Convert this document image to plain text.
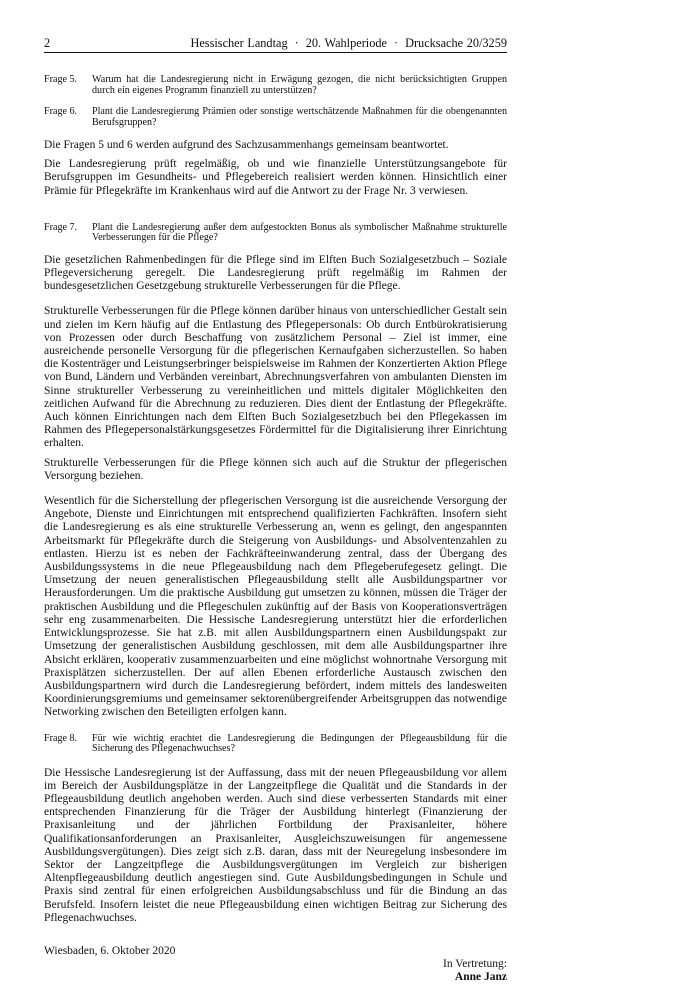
2	Hessischer Landtag · 20. Wahlperiode · Drucksache 20/3259
Frage 5.	Warum hat die Landesregierung nicht in Erwägung gezogen, die nicht berücksichtigten Gruppen durch ein eigenes Programm finanziell zu unterstützen?
Frage 6.	Plant die Landesregierung Prämien oder sonstige wertschätzende Maßnahmen für die obengenannten Berufsgruppen?

Die Fragen 5 und 6 werden aufgrund des Sachzusammenhangs gemeinsam beantwortet.

Die Landesregierung prüft regelmäßig, ob und wie finanzielle Unterstützungsangebote für Berufsgruppen im Gesundheits- und Pflegebereich realisiert werden können. Hinsichtlich einer Prämie für Pflegekräfte im Krankenhaus wird auf die Antwort zu der Frage Nr. 3 verwiesen.

Frage 7.	Plant die Landesregierung außer dem aufgestockten Bonus als symbolischer Maßnahme strukturelle Verbesserungen für die Pflege?

Die gesetzlichen Rahmenbedingen für die Pflege sind im Elften Buch Sozialgesetzbuch – Soziale Pflegeversicherung geregelt. Die Landesregierung prüft regelmäßig im Rahmen der bundesgesetzlichen Gesetzgebung strukturelle Verbesserungen für die Pflege.

Strukturelle Verbesserungen für die Pflege können darüber hinaus von unterschiedlicher Gestalt sein und zielen im Kern häufig auf die Entlastung des Pflegepersonals: Ob durch Entbürokratisierung von Prozessen oder durch Beschaffung von zusätzlichem Personal – Ziel ist immer, eine ausreichende personelle Versorgung für die pflegerischen Kernaufgaben sicherzustellen. So haben die Kostenträger und Leistungserbringer beispielsweise im Rahmen der Konzertierten Aktion Pflege von Bund, Ländern und Verbänden vereinbart, Abrechnungsverfahren von ambulanten Diensten im Sinne struktureller Verbesserung zu vereinheitlichen und mittels digitaler Möglichkeiten den zeitlichen Aufwand für die Abrechnung zu reduzieren. Dies dient der Entlastung der Pflegekräfte. Auch können Einrichtungen nach dem Elften Buch Sozialgesetzbuch bei den Pflegekassen im Rahmen des Pflegepersonalstärkungsgesetzes Fördermittel für die Digitalisierung ihrer Einrichtung erhalten.

Strukturelle Verbesserungen für die Pflege können sich auch auf die Struktur der pflegerischen Versorgung beziehen.

Wesentlich für die Sicherstellung der pflegerischen Versorgung ist die ausreichende Versorgung der Angebote, Dienste und Einrichtungen mit entsprechend qualifizierten Fachkräften. Insofern sieht die Landesregierung es als eine strukturelle Verbesserung an, wenn es gelingt, den angespannten Arbeitsmarkt für Pflegekräfte durch die Steigerung von Ausbildungs- und Absolventenzahlen zu entlasten. Hierzu ist es neben der Fachkräfteeinwanderung zentral, dass der Übergang des Ausbildungssystems in die neue Pflegeausbildung nach dem Pflegeberufegesetz gelingt. Die Umsetzung der neuen generalistischen Pflegeausbildung stellt alle Ausbildungspartner vor Herausforderungen. Um die praktische Ausbildung gut umsetzen zu können, müssen die Träger der praktischen Ausbildung und die Pflegeschulen zukünftig auf der Basis von Kooperationsverträgen sehr eng zusammenarbeiten. Die Hessische Landesregierung unterstützt hier die erforderlichen Entwicklungsprozesse. Sie hat z.B. mit allen Ausbildungspartnern einen Ausbildungspakt zur Umsetzung der generalistischen Ausbildung geschlossen, mit dem alle Ausbildungspartner ihre Absicht erklären, kooperativ zusammenzuarbeiten und eine möglichst wohnortnahe Versorgung mit Praxisplätzen sicherzustellen. Der auf allen Ebenen erforderliche Austausch zwischen den Ausbildungspartnern wird durch die Landesregierung befördert, indem mittels des landesweiten Koordinierungsgremiums und gemeinsamer sektorenübergreifender Arbeitsgruppen das notwendige Networking zwischen den Beteiligten erfolgen kann.

Frage 8.	Für wie wichtig erachtet die Landesregierung die Bedingungen der Pflegeausbildung für die Sicherung des Pflegenachwuchses?

Die Hessische Landesregierung ist der Auffassung, dass mit der neuen Pflegeausbildung vor allem im Bereich der Ausbildungsplätze in der Langzeitpflege die Qualität und die Standards in der Pflegeausbildung deutlich angehoben werden. Auch sind diese verbesserten Standards mit einer entsprechenden Finanzierung für die Träger der Ausbildung hinterlegt (Finanzierung der Praxisanleitung und der jährlichen Fortbildung der Praxisanleiter, höhere Qualifikationsanforderungen an Praxisanleiter, Ausgleichszuweisungen für angemessene Ausbildungsvergütungen). Dies zeigt sich z.B. daran, dass mit der Neuregelung insbesondere im Sektor der Langzeitpflege die Ausbildungsvergütungen im Vergleich zur bisherigen Altenpflegeausbildung deutlich angestiegen sind. Gute Ausbildungsbedingungen in Schule und Praxis sind zentral für einen erfolgreichen Ausbildungsabschluss und für die Bindung an das Berufsfeld. Insofern leistet die neue Pflegeausbildung einen wichtigen Beitrag zur Sicherung des Pflegenachwuchses.

Wiesbaden, 6. Oktober 2020
In Vertretung:
Anne Janz
